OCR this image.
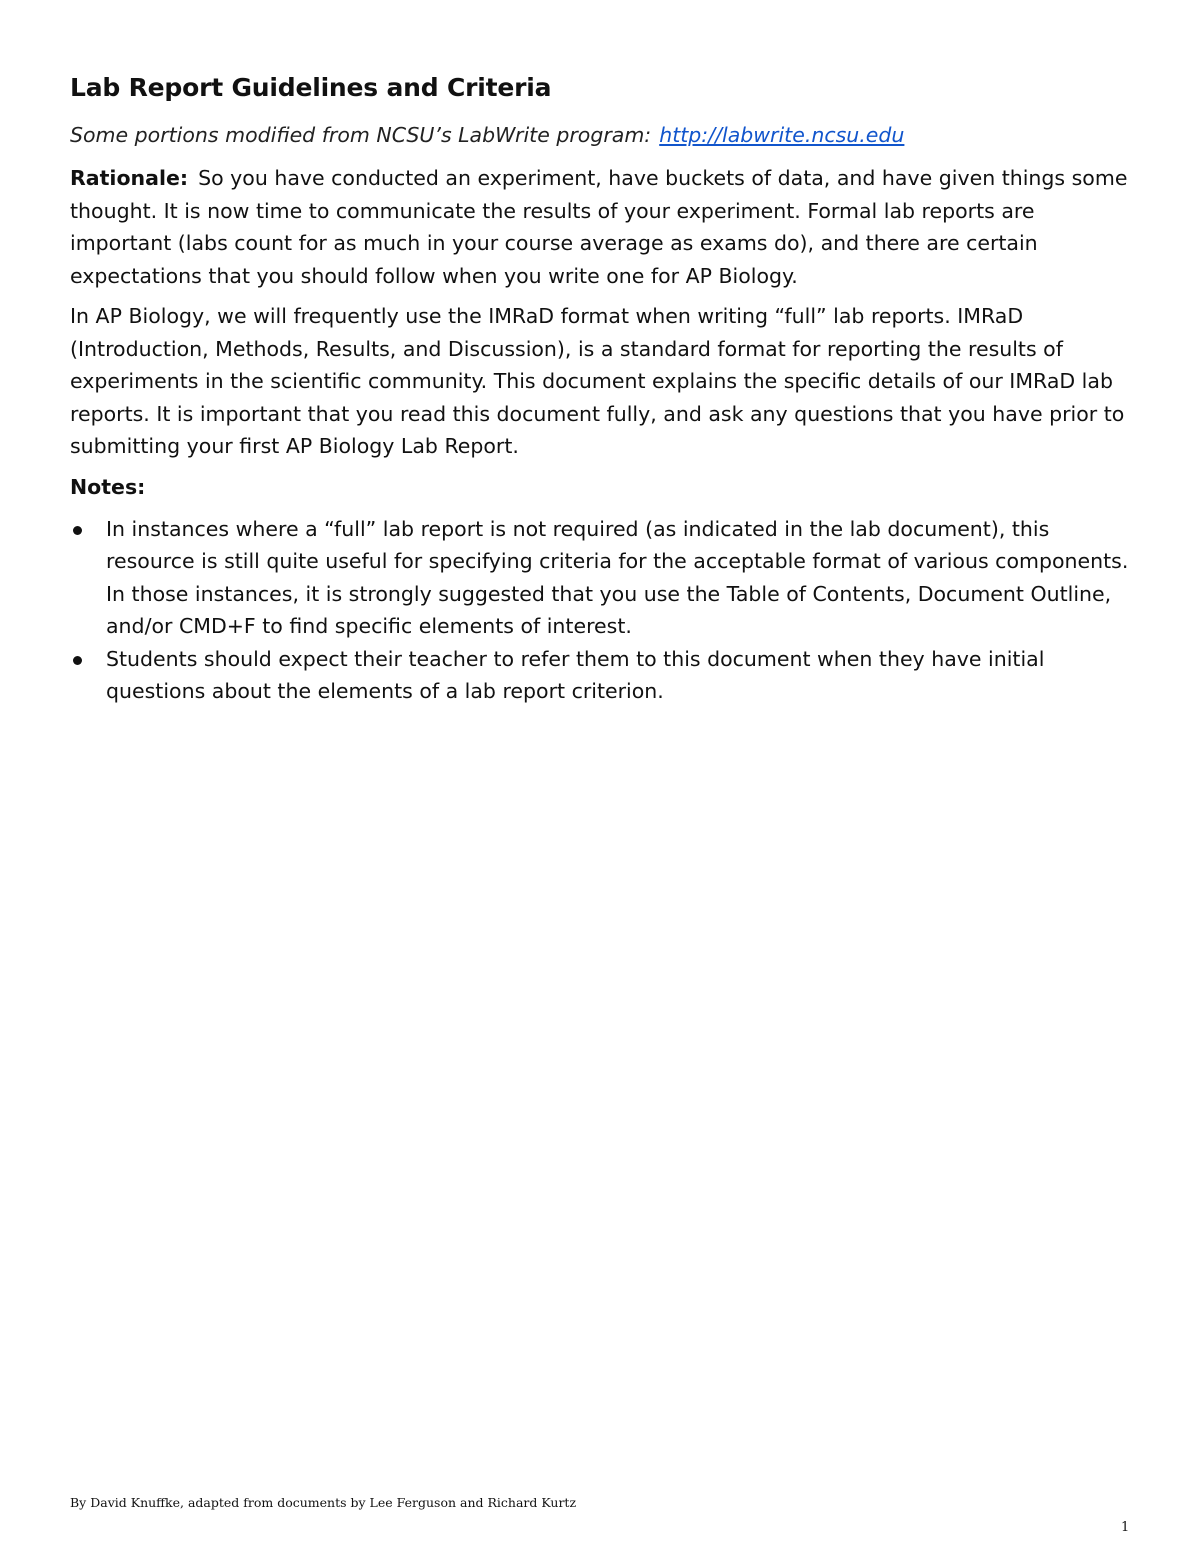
Lab Report Guidelines and Criteria
Some portions modified from NCSU’s LabWrite program: http://labwrite.ncsu.edu

Rationale: So you have conducted an experiment, have buckets of data, and have given things some thought. It is now time to communicate the results of your experiment. Formal lab reports are important (labs count for as much in your course average as exams do), and there are certain expectations that you should follow when you write one for AP Biology.

In AP Biology, we will frequently use the IMRaD format when writing “full” lab reports. IMRaD (Introduction, Methods, Results, and Discussion), is a standard format for reporting the results of experiments in the scientific community. This document explains the specific details of our IMRaD lab reports. It is important that you read this document fully, and ask any questions that you have prior to submitting your first AP Biology Lab Report.

Notes:
In instances where a “full” lab report is not required (as indicated in the lab document), this resource is still quite useful for specifying criteria for the acceptable format of various components. In those instances, it is strongly suggested that you use the Table of Contents, Document Outline, and/or CMD+F to find specific elements of interest.
Students should expect their teacher to refer them to this document when they have initial questions about the elements of a lab report criterion.
By David Knuffke, adapted from documents by Lee Ferguson and Richard Kurtz
1
